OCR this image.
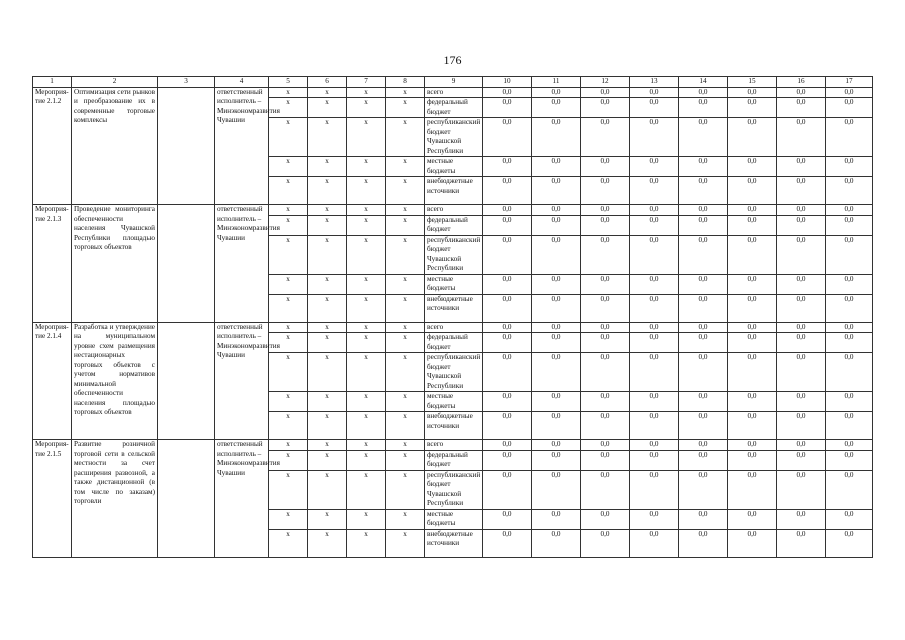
176
1	2	3	4	5	6	7	8	9	10	11	12	13	14	15	16	17
Мероприятие 2.1.2	Оптимизация сети рынков и преобразование их в современные торговые комплексы		ответственный исполнитель – Минэкономразвития Чувашии	x	x	x	x	всего	0,0	0,0	0,0	0,0	0,0	0,0	0,0	0,0
				x	x	x	x	федеральный бюджет	0,0	0,0	0,0	0,0	0,0	0,0	0,0	0,0
				x	x	x	x	республиканский бюджет Чувашской Республики	0,0	0,0	0,0	0,0	0,0	0,0	0,0	0,0
				x	x	x	x	местные бюджеты	0,0	0,0	0,0	0,0	0,0	0,0	0,0	0,0
				x	x	x	x	внебюджетные источники	0,0	0,0	0,0	0,0	0,0	0,0	0,0	0,0
Мероприятие 2.1.3	Проведение мониторинга обеспеченности населения Чувашской Республики площадью торговых объектов		ответственный исполнитель – Минэкономразвития Чувашии	x	x	x	x	всего	0,0	0,0	0,0	0,0	0,0	0,0	0,0	0,0
				x	x	x	x	федеральный бюджет	0,0	0,0	0,0	0,0	0,0	0,0	0,0	0,0
				x	x	x	x	республиканский бюджет Чувашской Республики	0,0	0,0	0,0	0,0	0,0	0,0	0,0	0,0
				x	x	x	x	местные бюджеты	0,0	0,0	0,0	0,0	0,0	0,0	0,0	0,0
				x	x	x	x	внебюджетные источники	0,0	0,0	0,0	0,0	0,0	0,0	0,0	0,0
Мероприятие 2.1.4	Разработка и утверждение на муниципальном уровне схем размещения нестационарных торговых объектов с учетом нормативов минимальной обеспеченности населения площадью торговых объектов		ответственный исполнитель – Минэкономразвития Чувашии	x	x	x	x	всего	0,0	0,0	0,0	0,0	0,0	0,0	0,0	0,0
				x	x	x	x	федеральный бюджет	0,0	0,0	0,0	0,0	0,0	0,0	0,0	0,0
				x	x	x	x	республиканский бюджет Чувашской Республики	0,0	0,0	0,0	0,0	0,0	0,0	0,0	0,0
				x	x	x	x	местные бюджеты	0,0	0,0	0,0	0,0	0,0	0,0	0,0	0,0
				x	x	x	x	внебюджетные источники	0,0	0,0	0,0	0,0	0,0	0,0	0,0	0,0
Мероприятие 2.1.5	Развитие розничной торговой сети в сельской местности за счет расширения развозной, а также дистанционной (в том числе по заказам) торговли		ответственный исполнитель – Минэкономразвития Чувашии	x	x	x	x	всего	0,0	0,0	0,0	0,0	0,0	0,0	0,0	0,0
				x	x	x	x	федеральный бюджет	0,0	0,0	0,0	0,0	0,0	0,0	0,0	0,0
				x	x	x	x	республиканский бюджет Чувашской Республики	0,0	0,0	0,0	0,0	0,0	0,0	0,0	0,0
				x	x	x	x	местные бюджеты	0,0	0,0	0,0	0,0	0,0	0,0	0,0	0,0
				x	x	x	x	внебюджетные источники	0,0	0,0	0,0	0,0	0,0	0,0	0,0	0,0
